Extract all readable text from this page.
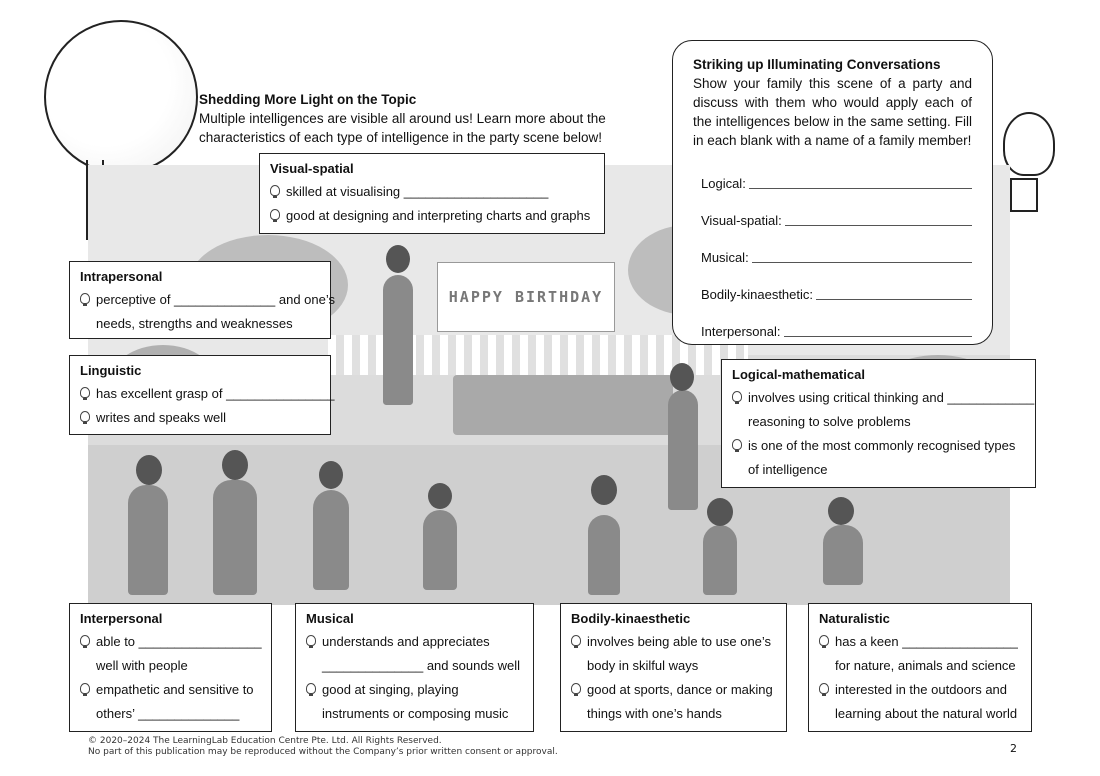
Shedding More Light on the Topic
Multiple intelligences are visible all around us! Learn more about the
characteristics of each type of intelligence in the party scene below!
HAPPY BIRTHDAY
Striking up Illuminating Conversations
Show your family this scene of a party and discuss with them who would apply each of the intelligences below in the same setting. Fill in each blank with a name of a family member!
Logical:
Visual-spatial:
Musical:
Bodily-kinaesthetic:
Interpersonal:
Visual-spatial
skilled at visualising ____________________
good at designing and interpreting charts and graphs
Intrapersonal
perceptive of ______________ and one’s
needs, strengths and weaknesses
Linguistic
has excellent grasp of _______________
writes and speaks well
Logical-mathematical
involves using critical thinking and ____________
reasoning to solve problems
is one of the most commonly recognised types
of intelligence
Interpersonal
able to _________________
well with people
empathetic and sensitive to
others’ ______________
Musical
understands and appreciates
______________ and sounds well
good at singing, playing
instruments or composing music
Bodily-kinaesthetic
involves being able to use one’s
body in skilful ways
good at sports, dance or making
things with one’s hands
Naturalistic
has a keen ________________
for nature, animals and science
interested in the outdoors and
learning about the natural world
© 2020–2024 The LearningLab Education Centre Pte. Ltd. All Rights Reserved.
No part of this publication may be reproduced without the Company’s prior written consent or approval.	2
